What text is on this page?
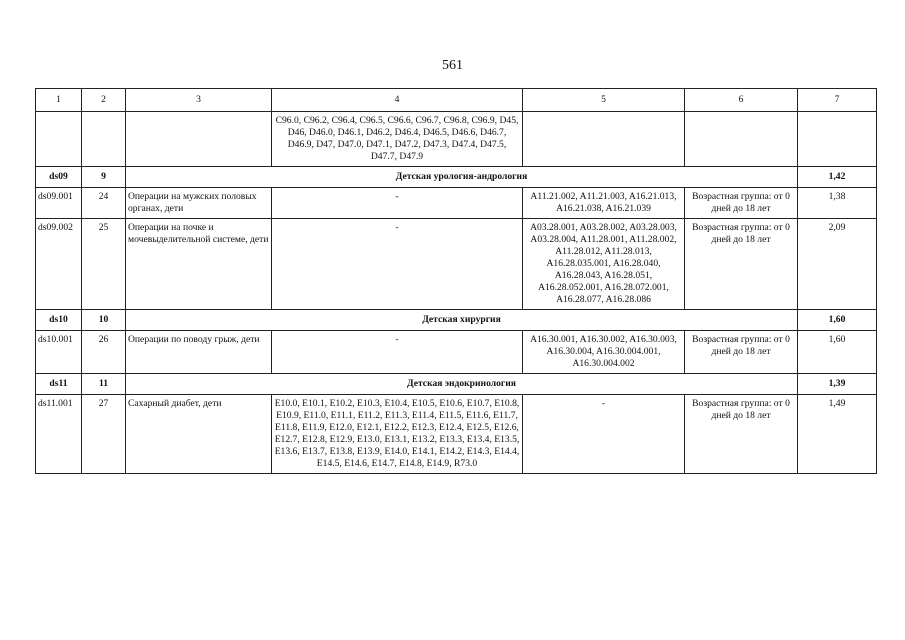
561
1	2	3	4	5	6	7
			C96.0, C96.2, C96.4, C96.5, C96.6, C96.7, C96.8, C96.9, D45, D46, D46.0, D46.1, D46.2, D46.4, D46.5, D46.6, D46.7, D46.9, D47, D47.0, D47.1, D47.2, D47.3, D47.4, D47.5, D47.7, D47.9			
ds09	9	Детская урология-андрология				1,42
ds09.001	24	Операции на мужских половых органах, дети	-	A11.21.002, A11.21.003, A16.21.013, A16.21.038, A16.21.039	Возрастная группа: от 0 дней до 18 лет	1,38
ds09.002	25	Операции на почке и мочевыделительной системе, дети	-	A03.28.001, A03.28.002, A03.28.003, A03.28.004, A11.28.001, A11.28.002, A11.28.012, A11.28.013, A16.28.035.001, A16.28.040, A16.28.043, A16.28.051, A16.28.052.001, A16.28.072.001, A16.28.077, A16.28.086	Возрастная группа: от 0 дней до 18 лет	2,09
ds10	10	Детская хирургия				1,60
ds10.001	26	Операции по поводу грыж, дети	-	A16.30.001, A16.30.002, A16.30.003, A16.30.004, A16.30.004.001, A16.30.004.002	Возрастная группа: от 0 дней до 18 лет	1,60
ds11	11	Детская эндокринология				1,39
ds11.001	27	Сахарный диабет, дети	E10.0, E10.1, E10.2, E10.3, E10.4, E10.5, E10.6, E10.7, E10.8, E10.9, E11.0, E11.1, E11.2, E11.3, E11.4, E11.5, E11.6, E11.7, E11.8, E11.9, E12.0, E12.1, E12.2, E12.3, E12.4, E12.5, E12.6, E12.7, E12.8, E12.9, E13.0, E13.1, E13.2, E13.3, E13.4, E13.5, E13.6, E13.7, E13.8, E13.9, E14.0, E14.1, E14.2, E14.3, E14.4, E14.5, E14.6, E14.7, E14.8, E14.9, R73.0	-	Возрастная группа: от 0 дней до 18 лет	1,49
